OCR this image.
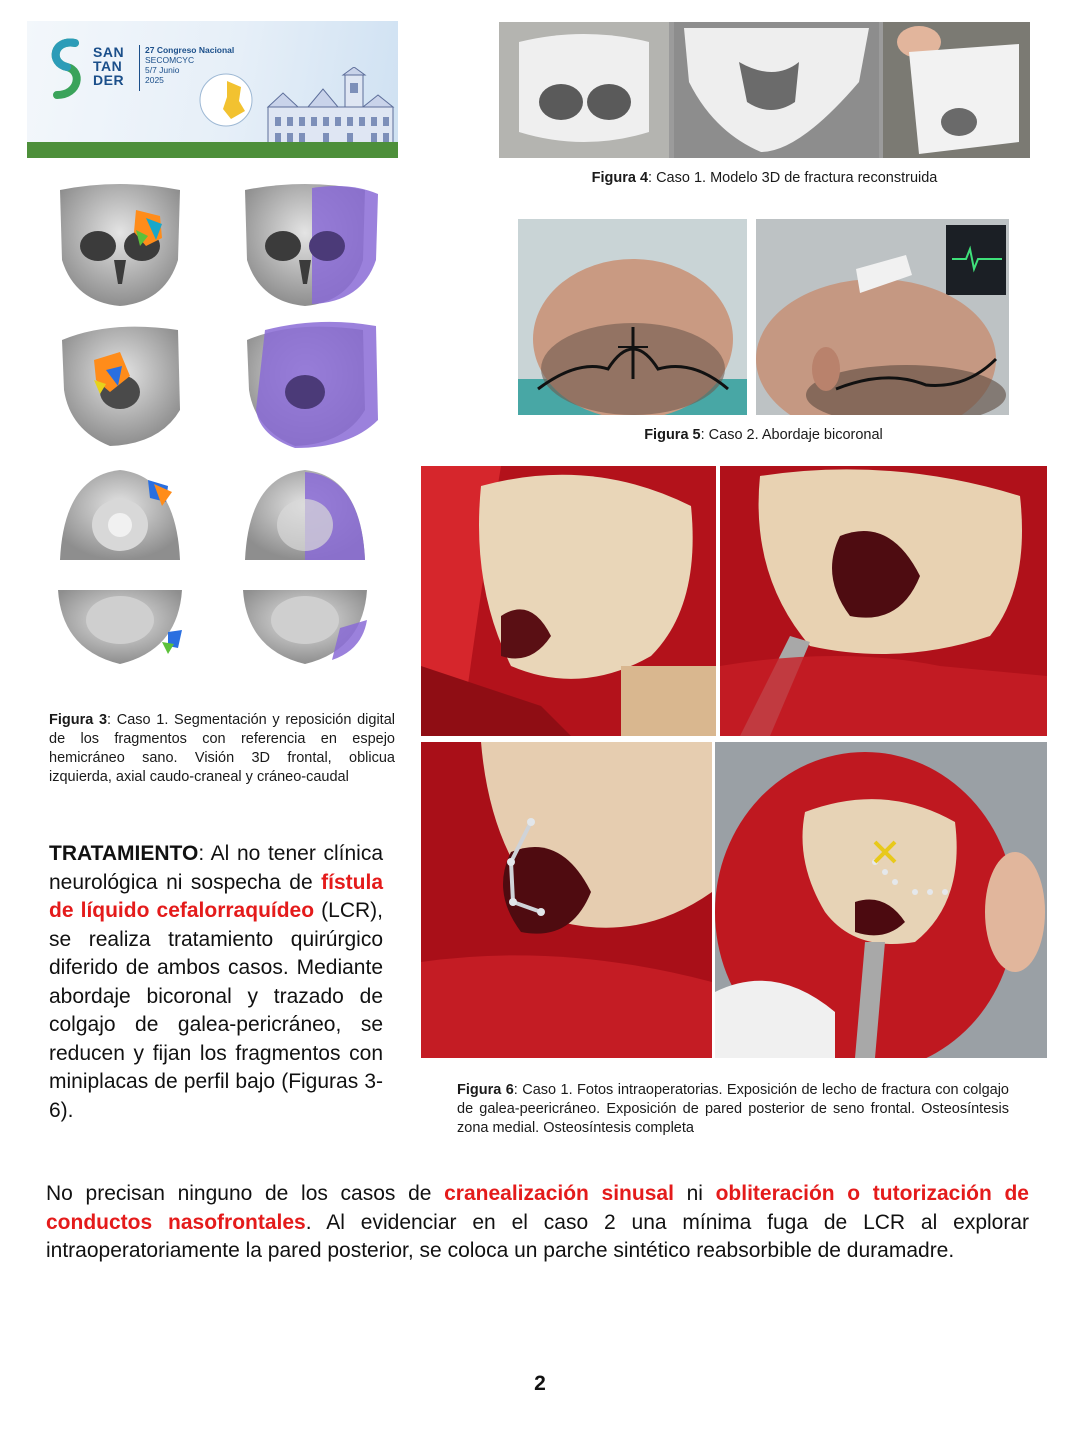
SAN
TAN
DER
27 Congreso Nacional
SECOMCYC
5/7 Junio
2025
Figura 3: Caso 1. Segmentación y reposición digital de los fragmentos con referencia en espejo hemicráneo sano. Visión 3D frontal, oblicua izquierda, axial caudo-craneal y cráneo-caudal
Figura 4: Caso 1. Modelo 3D de fractura reconstruida
Figura 5: Caso 2. Abordaje bicoronal
Figura 6: Caso 1. Fotos intraoperatorias. Exposición de lecho de fractura con colgajo de galea-peericráneo. Exposición de pared posterior de seno frontal. Osteosíntesis zona medial. Osteosíntesis completa
TRATAMIENTO: Al no tener clínica neurológica ni sospecha de fístula de líquido cefalorraquídeo (LCR), se realiza tratamiento quirúrgico diferido de ambos casos. Mediante abordaje bicoronal y trazado de colgajo de galea-pericráneo, se reducen y fijan los fragmentos con miniplacas de perfil bajo (Figuras 3-6).
No precisan ninguno de los casos de cranealización sinusal ni obliteración o tutorización de conductos nasofrontales. Al evidenciar en el caso 2 una mínima fuga de LCR al explorar intraoperatoriamente la pared posterior, se coloca un parche sintético reabsorbible de duramadre.
2
